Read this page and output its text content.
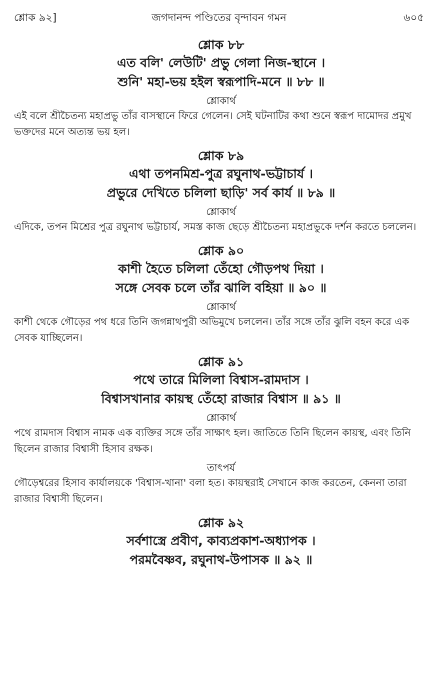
শ্লোক ৯২]	জগদানন্দ পণ্ডিতের বৃন্দাবন গমন	৬০৫
শ্লোক ৮৮
এত বলি' লেউটি' প্রভু গেলা নিজ-স্থানে ।
শুনি' মহা-ভয় হইল স্বরূপাদি-মনে ॥ ৮৮ ॥
শ্লোকার্থ

এই বলে শ্রীচৈতন্য মহাপ্রভু তাঁর বাসস্থানে ফিরে গেলেন। সেই ঘটনাটির কথা শুনে স্বরূপ দামোদর প্রমুখ ভক্তদের মনে অত্যন্ত ভয় হল।

শ্লোক ৮৯
এথা তপনমিশ্র-পুত্র রঘুনাথ-ভট্টাচার্য ।
প্রভুরে দেখিতে চলিলা ছাড়ি' সর্ব কার্য ॥ ৮৯ ॥
শ্লোকার্থ

এদিকে, তপন মিশ্রের পুত্র রঘুনাথ ভট্টাচার্য, সমস্ত কাজ ছেড়ে শ্রীচৈতন্য মহাপ্রভুকে দর্শন করতে চললেন।

শ্লোক ৯০
কাশী হৈতে চলিলা তেঁহো গৌড়পথ দিয়া ।
সঙ্গে সেবক চলে তাঁর ঝালি বহিয়া ॥ ৯০ ॥
শ্লোকার্থ

কাশী থেকে গৌড়ের পথ ধরে তিনি জগন্নাথপুরী অভিমুখে চললেন। তাঁর সঙ্গে তাঁর ঝুলি বহন করে এক সেবক যাচ্ছিলেন।

শ্লোক ৯১
পথে তারে মিলিলা বিশ্বাস-রামদাস ।
বিশ্বাসখানার কায়স্থ তেঁহো রাজার বিশ্বাস ॥ ৯১ ॥
শ্লোকার্থ

পথে রামদাস বিশ্বাস নামক এক ব্যক্তির সঙ্গে তাঁর সাক্ষাৎ হল। জাতিতে তিনি ছিলেন কায়স্থ, এবং তিনি ছিলেন রাজার বিশ্বাসী হিসাব রক্ষক।

তাৎপর্য

গৌড়েশ্বরের হিসাব কার্যালয়কে 'বিশ্বাস-খানা' বলা হত। কায়স্থরাই সেখানে কাজ করতেন, কেননা তারা রাজার বিশ্বাসী ছিলেন।

শ্লোক ৯২
সর্বশাস্ত্রে প্রবীণ, কাব্যপ্রকাশ-অধ্যাপক ।
পরমবৈষ্ণব, রঘুনাথ-উপাসক ॥ ৯২ ॥
